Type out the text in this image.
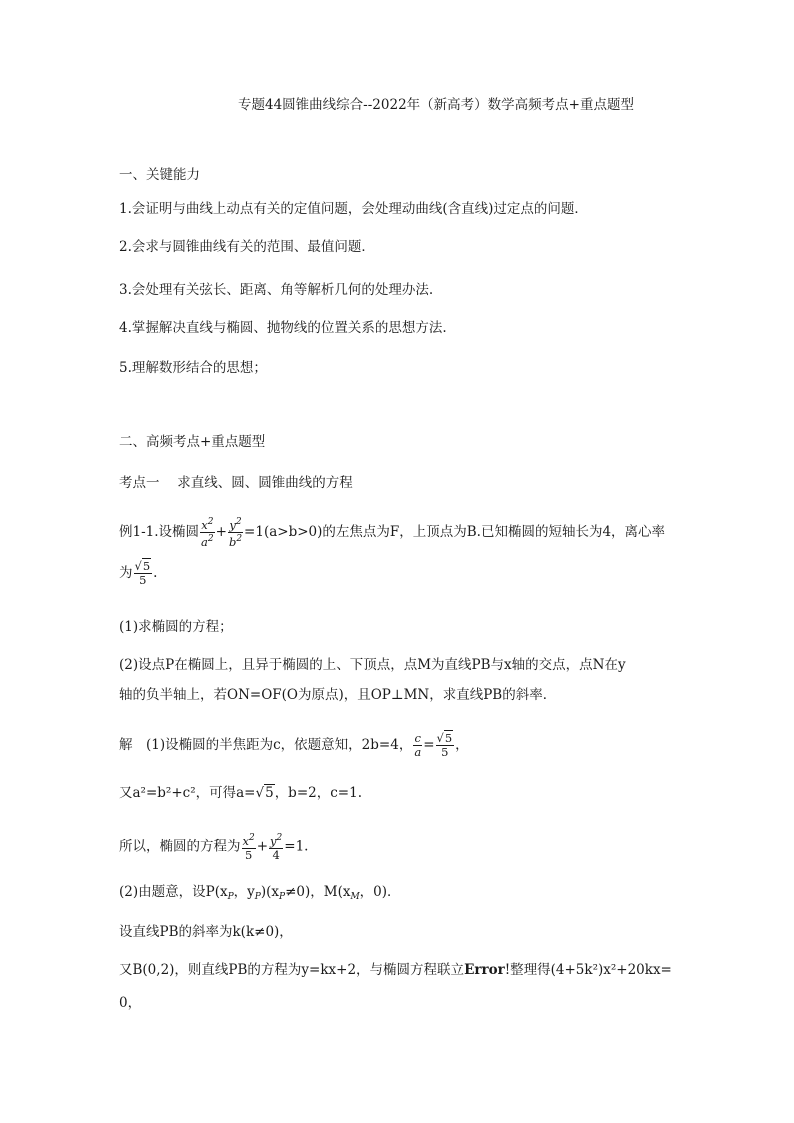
专题44圆锥曲线综合--2022年（新高考）数学高频考点+重点题型
一、关键能力
1.会证明与曲线上动点有关的定值问题，会处理动曲线(含直线)过定点的问题．
2.会求与圆锥曲线有关的范围、最值问题．
3.会处理有关弦长、距离、角等解析几何的处理办法.
4.掌握解决直线与椭圆、抛物线的位置关系的思想方法.
5.理解数形结合的思想；
二、高频考点+重点题型
考点一　 求直线、圆、圆锥曲线的方程
例1-1.设椭圆 $\frac{x^2}{a^2} + \frac{y^2}{b^2} =1(a>b>0)$的左焦点为F，上顶点为B.已知椭圆的短轴长为4，离心率
为 $\frac{√5}{5}$ .
(1)求椭圆的方程；
(2)设点P在椭圆上，且异于椭圆的上、下顶点，点M为直线PB与x轴的交点，点N在y
轴的负半轴上，若ON=OF(O为原点)，且OP⊥MN，求直线PB的斜率．
解　(1)设椭圆的半焦距为c，依题意知，2b=4， $\frac{c}{a} = \frac{√5}{5}$ ，
又a²=b²+c²，可得a=√5，b=2，c=1.
所以，椭圆的方程为 $\frac{x^2}{5} + \frac{y^2}{4} =1$.
(2)由题意，设$P(x_P$，$y_P)(x_P\ne 0)$，$M(x_M$，0)．
设直线PB的斜率为k(k≠0)，
又B(0,2)，则直线PB的方程为y=kx+2，与椭圆方程联立Error!整理得(4+5k²)x²+20kx=
0，
